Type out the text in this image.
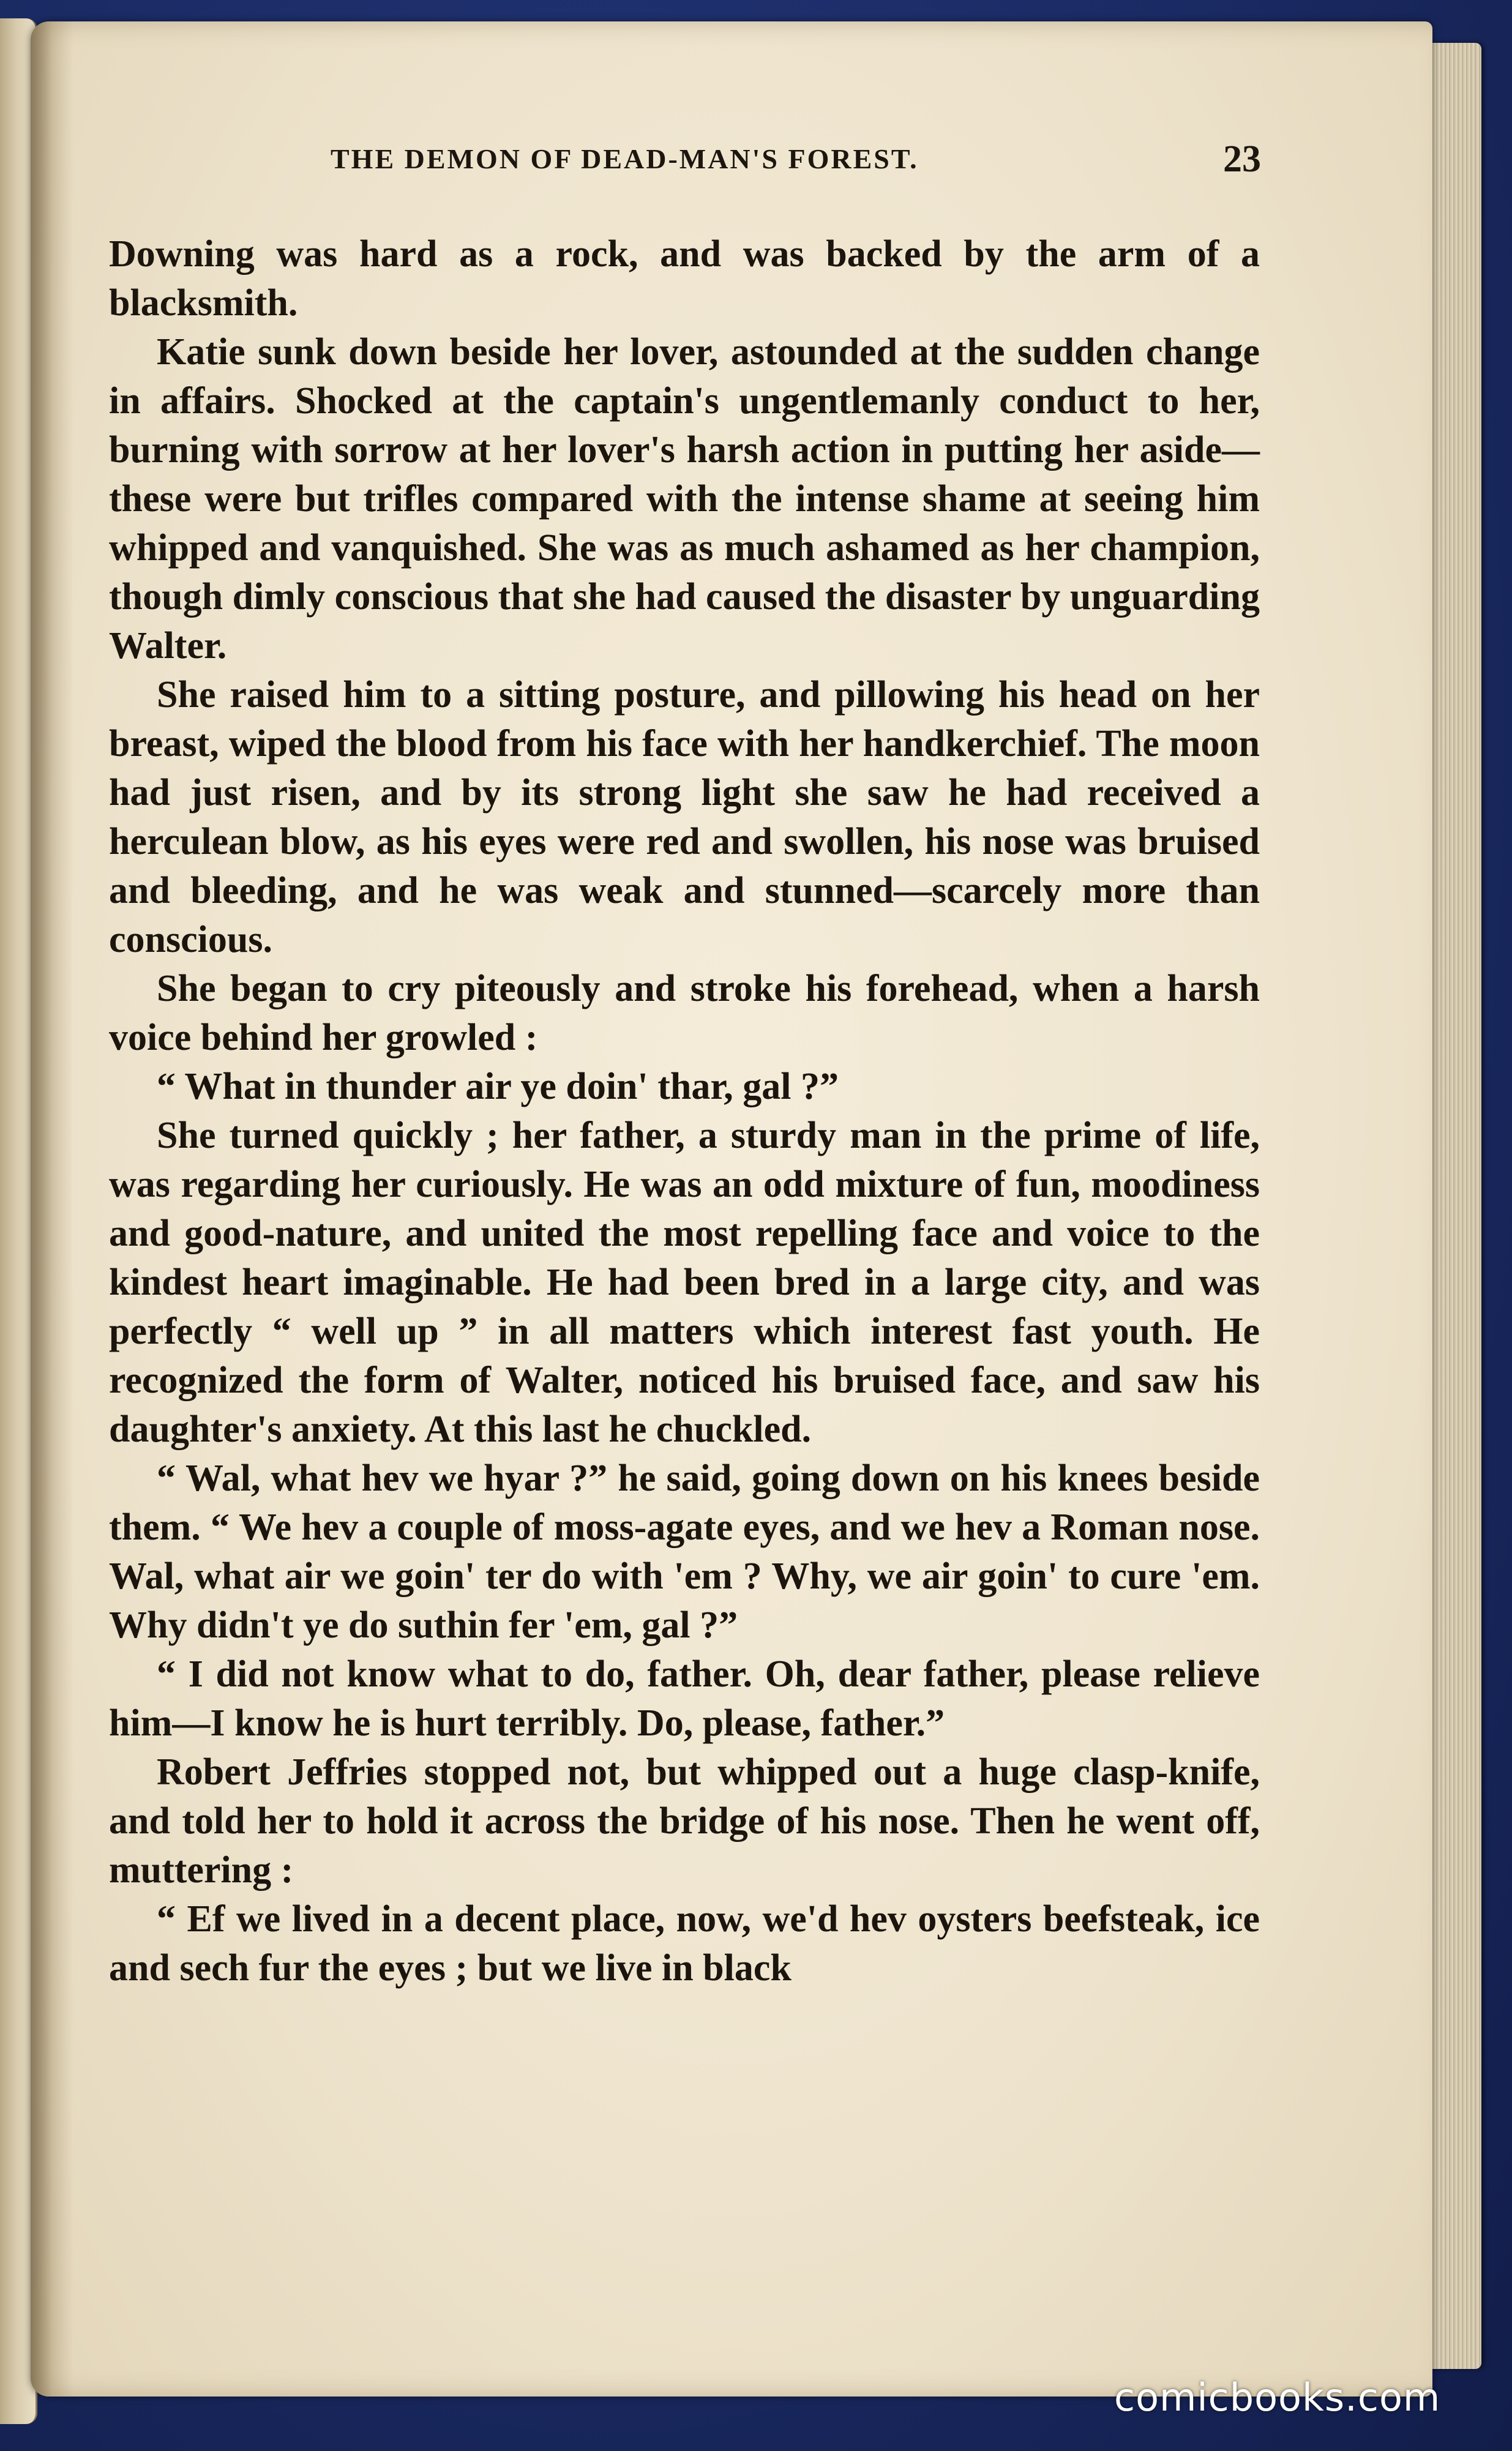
THE DEMON OF DEAD-MAN'S FOREST.	23

Downing was hard as a rock, and was backed by the arm of a blacksmith.

Katie sunk down beside her lover, astounded at the sudden change in affairs. Shocked at the captain's ungentlemanly conduct to her, burning with sorrow at her lover's harsh action in putting her aside—these were but trifles compared with the intense shame at seeing him whipped and vanquished. She was as much ashamed as her champion, though dimly conscious that she had caused the disaster by unguarding Walter.

She raised him to a sitting posture, and pillowing his head on her breast, wiped the blood from his face with her handkerchief. The moon had just risen, and by its strong light she saw he had received a herculean blow, as his eyes were red and swollen, his nose was bruised and bleeding, and he was weak and stunned—scarcely more than conscious.

She began to cry piteously and stroke his forehead, when a harsh voice behind her growled :

“ What in thunder air ye doin' thar, gal ?”

She turned quickly ; her father, a sturdy man in the prime of life, was regarding her curiously. He was an odd mixture of fun, moodiness and good-nature, and united the most repelling face and voice to the kindest heart imaginable. He had been bred in a large city, and was perfectly “ well up ” in all matters which interest fast youth. He recognized the form of Walter, noticed his bruised face, and saw his daughter's anxiety. At this last he chuckled.

“ Wal, what hev we hyar ?” he said, going down on his knees beside them. “ We hev a couple of moss-agate eyes, and we hev a Roman nose. Wal, what air we goin' ter do with 'em ? Why, we air goin' to cure 'em. Why didn't ye do suthin fer 'em, gal ?”

“ I did not know what to do, father. Oh, dear father, please relieve him—I know he is hurt terribly. Do, please, father.”

Robert Jeffries stopped not, but whipped out a huge clasp-knife, and told her to hold it across the bridge of his nose. Then he went off, muttering :

“ Ef we lived in a decent place, now, we'd hev oysters beefsteak, ice and sech fur the eyes ; but we live in black

comicbooks.com
